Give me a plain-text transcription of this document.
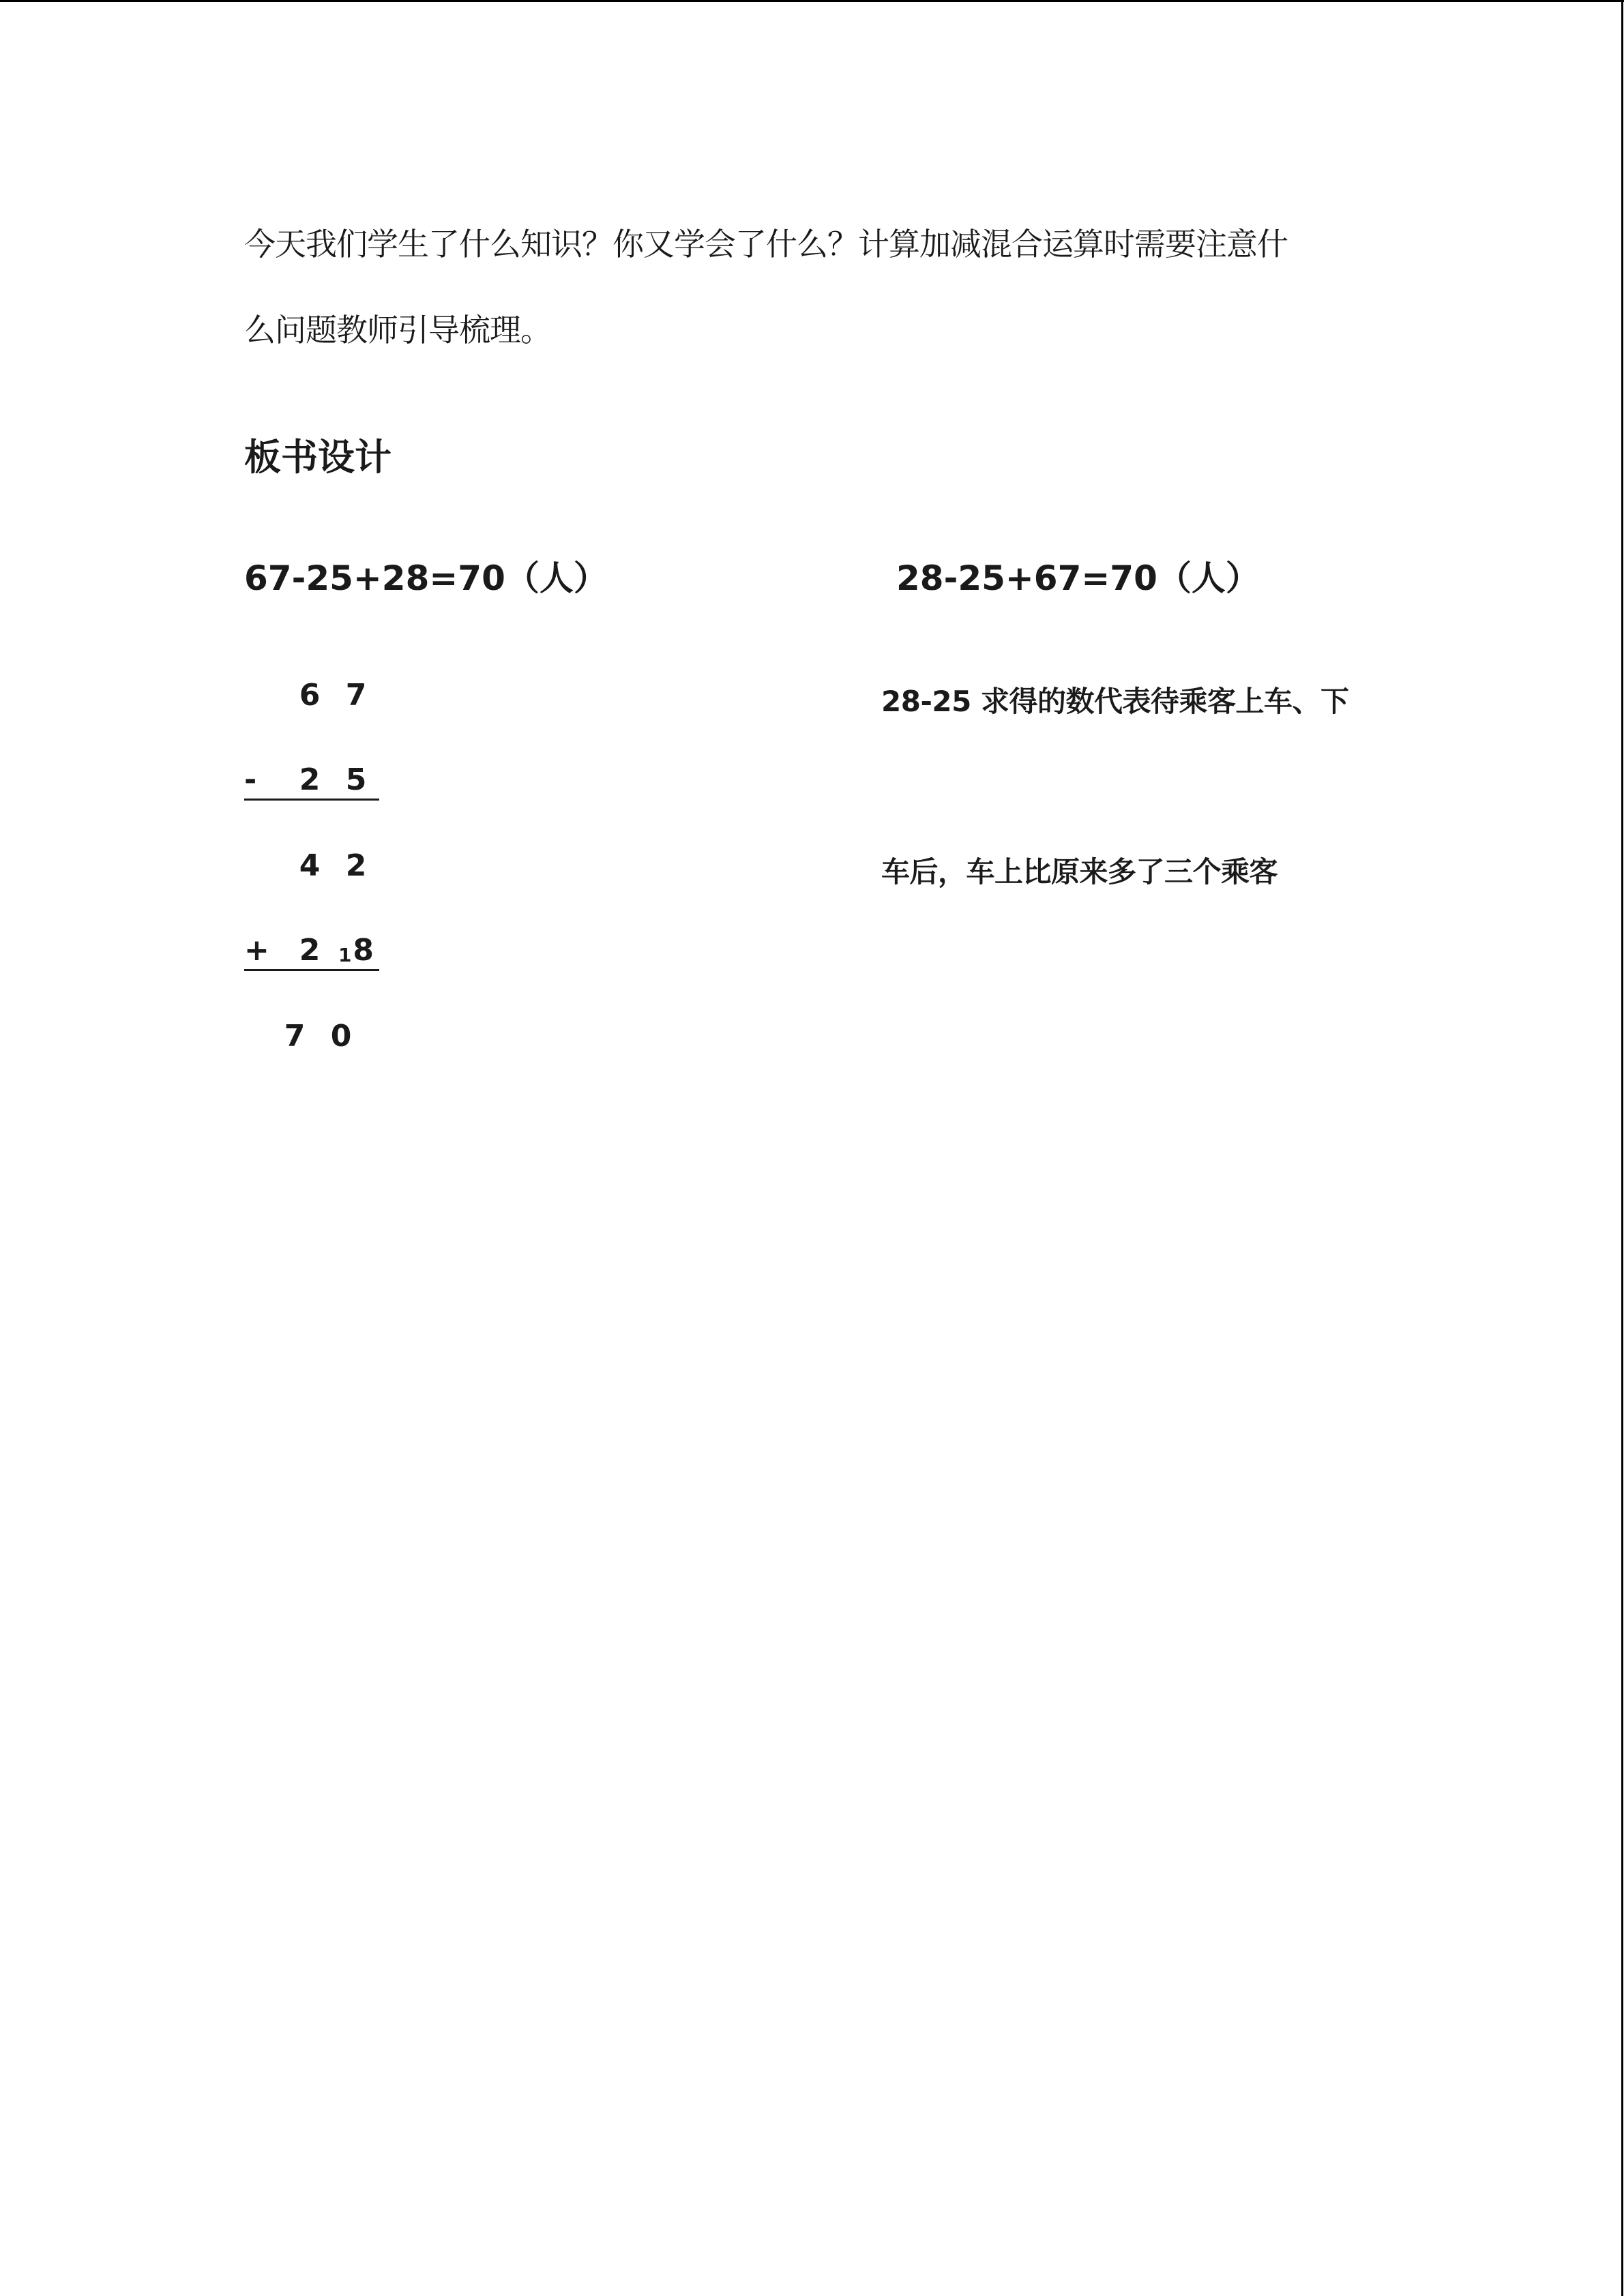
今天我们学生了什么知识？你又学会了什么？计算加减混合运算时需要注意什
么问题教师引导梳理。
板书设计
67-25+28=70（人）	28-25+67=70（人）
28-25 求得的数代表待乘客上车、下
车后，车上比原来多了三个乘客
6 7
- 2 5
4 2
+ 2 18
7 0
